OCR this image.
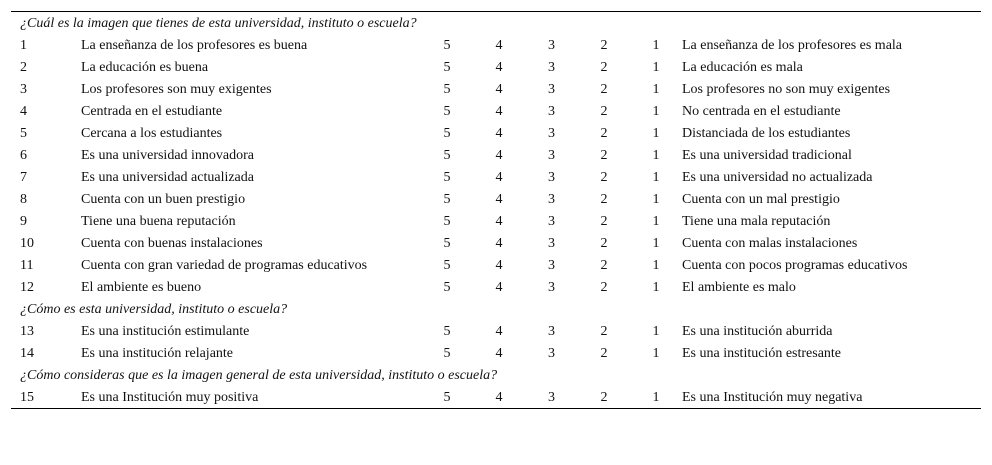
¿Cuál es la imagen que tienes de esta universidad, instituto o escuela?							
1	La enseñanza de los profesores es buena	5	4	3	2	1	La enseñanza de los profesores es mala
2	La educación es buena	5	4	3	2	1	La educación es mala
3	Los profesores son muy exigentes	5	4	3	2	1	Los profesores no son muy exigentes
4	Centrada en el estudiante	5	4	3	2	1	No centrada en el estudiante
5	Cercana a los estudiantes	5	4	3	2	1	Distanciada de los estudiantes
6	Es una universidad innovadora	5	4	3	2	1	Es una universidad tradicional
7	Es una universidad actualizada	5	4	3	2	1	Es una universidad no actualizada
8	Cuenta con un buen prestigio	5	4	3	2	1	Cuenta con un mal prestigio
9	Tiene una buena reputación	5	4	3	2	1	Tiene una mala reputación
10	Cuenta con buenas instalaciones	5	4	3	2	1	Cuenta con malas instalaciones
11	Cuenta con gran variedad de programas educativos	5	4	3	2	1	Cuenta con pocos programas educativos
12	El ambiente es bueno	5	4	3	2	1	El ambiente es malo
¿Cómo es esta universidad, instituto o escuela?							
13	Es una institución estimulante	5	4	3	2	1	Es una institución aburrida
14	Es una institución relajante	5	4	3	2	1	Es una institución estresante
¿Cómo consideras que es la imagen general de esta universidad, instituto o escuela?							
15	Es una Institución muy positiva	5	4	3	2	1	Es una Institución muy negativa
